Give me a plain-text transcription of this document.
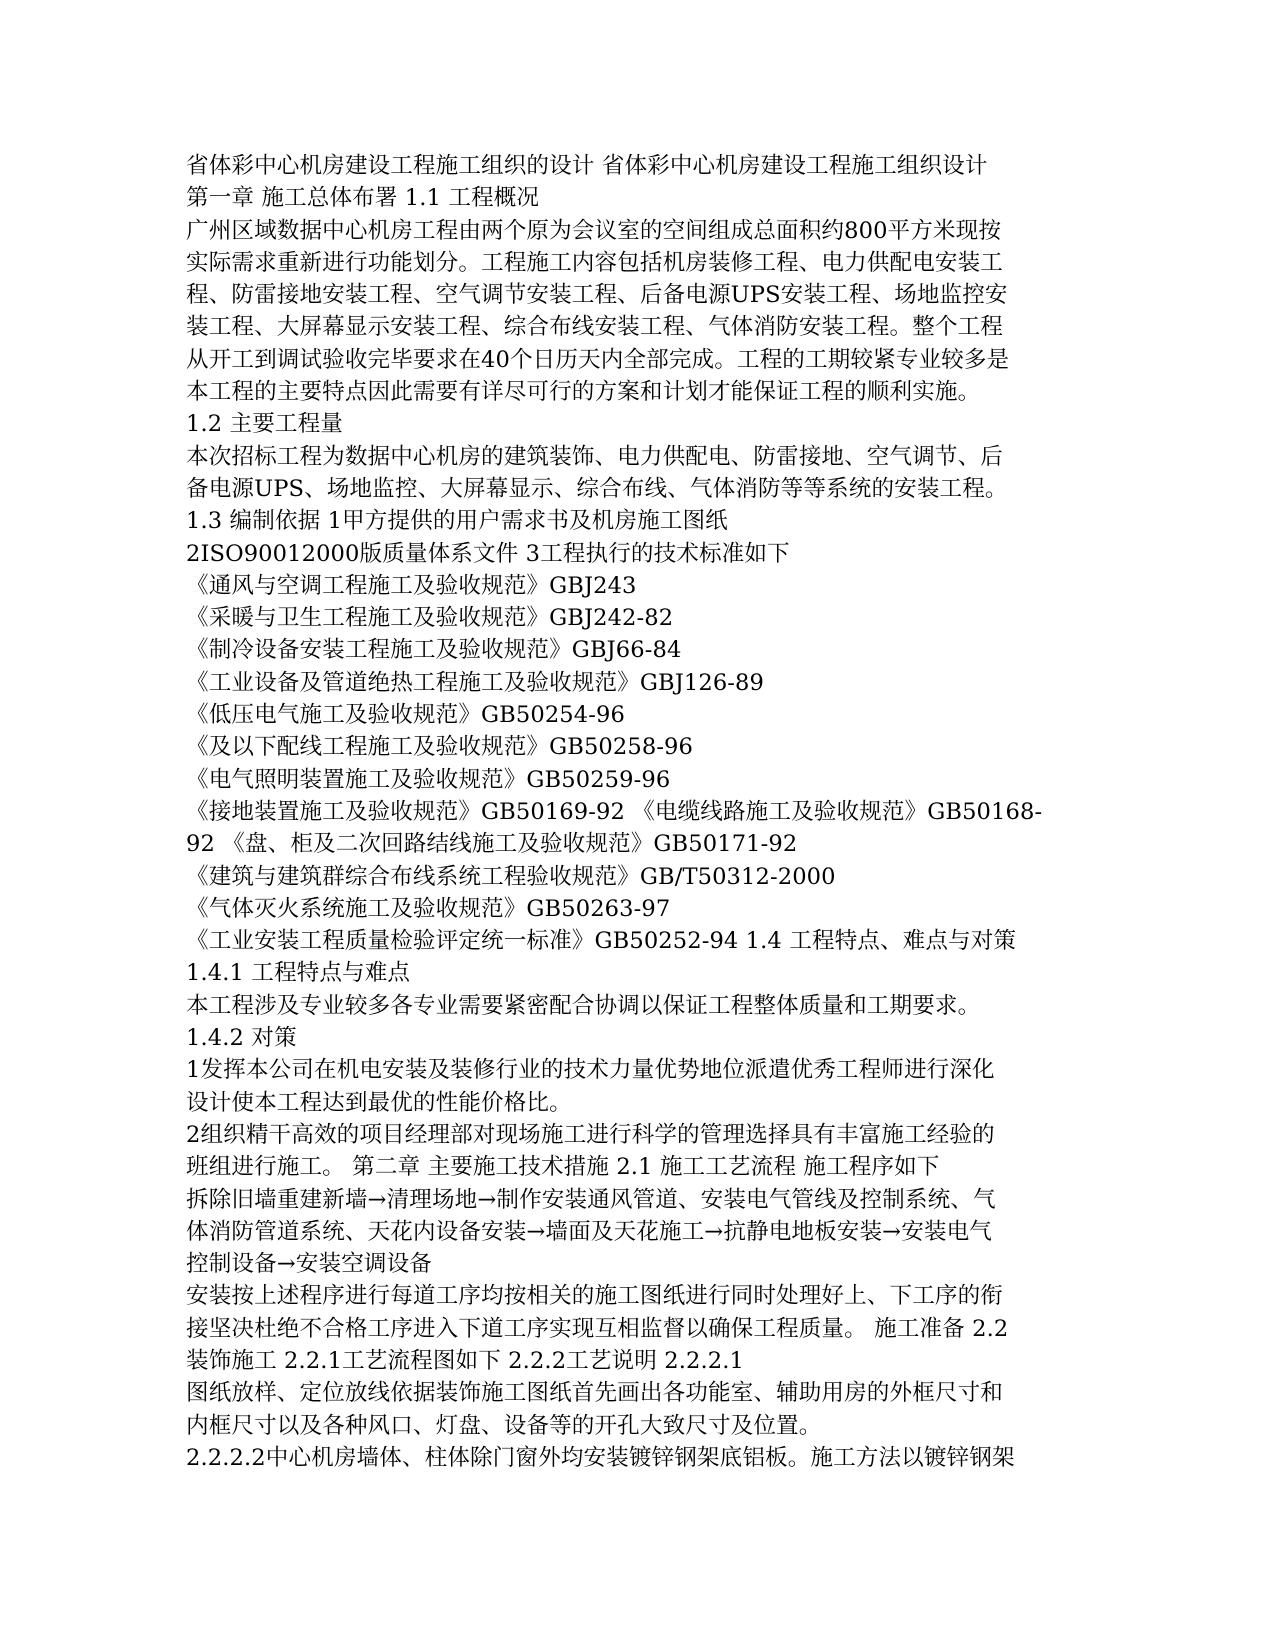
省体彩中心机房建设工程施工组织的设计 省体彩中心机房建设工程施工组织设计
第一章 施工总体布署 1.1 工程概况
广州区域数据中心机房工程由两个原为会议室的空间组成总面积约800平方米现按
实际需求重新进行功能划分。工程施工内容包括机房装修工程、电力供配电安装工
程、防雷接地安装工程、空气调节安装工程、后备电源UPS安装工程、场地监控安
装工程、大屏幕显示安装工程、综合布线安装工程、气体消防安装工程。整个工程
从开工到调试验收完毕要求在40个日历天内全部完成。工程的工期较紧专业较多是
本工程的主要特点因此需要有详尽可行的方案和计划才能保证工程的顺利实施。
1.2 主要工程量
本次招标工程为数据中心机房的建筑装饰、电力供配电、防雷接地、空气调节、后
备电源UPS、场地监控、大屏幕显示、综合布线、气体消防等等系统的安装工程。
1.3 编制依据 1甲方提供的用户需求书及机房施工图纸
2ISO90012000版质量体系文件 3工程执行的技术标准如下
《通风与空调工程施工及验收规范》GBJ243
《采暖与卫生工程施工及验收规范》GBJ242-82
《制冷设备安装工程施工及验收规范》GBJ66-84
《工业设备及管道绝热工程施工及验收规范》GBJ126-89
《低压电气施工及验收规范》GB50254-96
《及以下配线工程施工及验收规范》GB50258-96
《电气照明装置施工及验收规范》GB50259-96
《接地装置施工及验收规范》GB50169-92 《电缆线路施工及验收规范》GB50168-
92 《盘、柜及二次回路结线施工及验收规范》GB50171-92
《建筑与建筑群综合布线系统工程验收规范》GB/T50312-2000
《气体灭火系统施工及验收规范》GB50263-97
《工业安装工程质量检验评定统一标准》GB50252-94 1.4 工程特点、难点与对策
1.4.1 工程特点与难点
本工程涉及专业较多各专业需要紧密配合协调以保证工程整体质量和工期要求。
1.4.2 对策
1发挥本公司在机电安装及装修行业的技术力量优势地位派遣优秀工程师进行深化
设计使本工程达到最优的性能价格比。
2组织精干高效的项目经理部对现场施工进行科学的管理选择具有丰富施工经验的
班组进行施工。 第二章 主要施工技术措施 2.1 施工工艺流程 施工程序如下
拆除旧墙重建新墙→清理场地→制作安装通风管道、安装电气管线及控制系统、气
体消防管道系统、天花内设备安装→墙面及天花施工→抗静电地板安装→安装电气
控制设备→安装空调设备
安装按上述程序进行每道工序均按相关的施工图纸进行同时处理好上、下工序的衔
接坚决杜绝不合格工序进入下道工序实现互相监督以确保工程质量。 施工准备 2.2
装饰施工 2.2.1工艺流程图如下 2.2.2工艺说明 2.2.2.1
图纸放样、定位放线依据装饰施工图纸首先画出各功能室、辅助用房的外框尺寸和
内框尺寸以及各种风口、灯盘、设备等的开孔大致尺寸及位置。
2.2.2.2中心机房墙体、柱体除门窗外均安装镀锌钢架底铝板。施工方法以镀锌钢架
